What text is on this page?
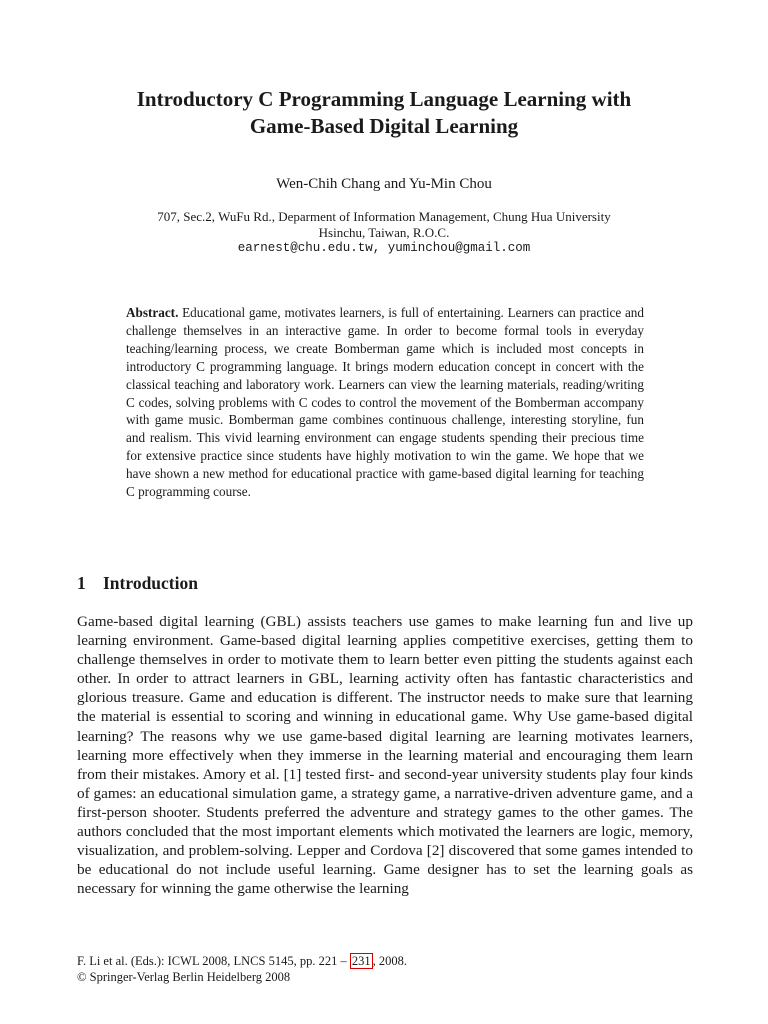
Introductory C Programming Language Learning with
Game-Based Digital Learning
Wen-Chih Chang and Yu-Min Chou
707, Sec.2, WuFu Rd., Deparment of Information Management, Chung Hua University
Hsinchu, Taiwan, R.O.C.
earnest@chu.edu.tw, yuminchou@gmail.com
Abstract. Educational game, motivates learners, is full of entertaining. Learners can practice and challenge themselves in an interactive game. In order to become formal tools in everyday teaching/learning process, we create Bomberman game which is included most concepts in introductory C programming language. It brings modern education concept in concert with the classical teaching and laboratory work. Learners can view the learning materials, reading/writing C codes, solving problems with C codes to control the movement of the Bomberman accompany with game music. Bomberman game combines continuous challenge, interesting storyline, fun and realism. This vivid learning environment can engage students spending their precious time for extensive practice since students have highly motivation to win the game. We hope that we have shown a new method for educational practice with game-based digital learning for teaching C programming course.
1 Introduction
Game-based digital learning (GBL) assists teachers use games to make learning fun and live up learning environment. Game-based digital learning applies competitive exercises, getting them to challenge themselves in order to motivate them to learn better even pitting the students against each other. In order to attract learners in GBL, learning activity often has fantastic characteristics and glorious treasure. Game and education is different. The instructor needs to make sure that learning the material is essential to scoring and winning in educational game. Why Use game-based digital learning? The reasons why we use game-based digital learning are learning motivates learners, learning more effectively when they immerse in the learning material and encouraging them learn from their mistakes. Amory et al. [1] tested first- and second-year university students play four kinds of games: an educational simulation game, a strategy game, a narrative-driven adventure game, and a first-person shooter. Students preferred the adventure and strategy games to the other games. The authors concluded that the most important elements which motivated the learners are logic, memory, visualization, and problem-solving. Lepper and Cordova [2] discovered that some games intended to be educational do not include useful learning. Game designer has to set the learning goals as necessary for winning the game otherwise the learning
F. Li et al. (Eds.): ICWL 2008, LNCS 5145, pp. 221 – 231 , 2008.
© Springer-Verlag Berlin Heidelberg 2008
